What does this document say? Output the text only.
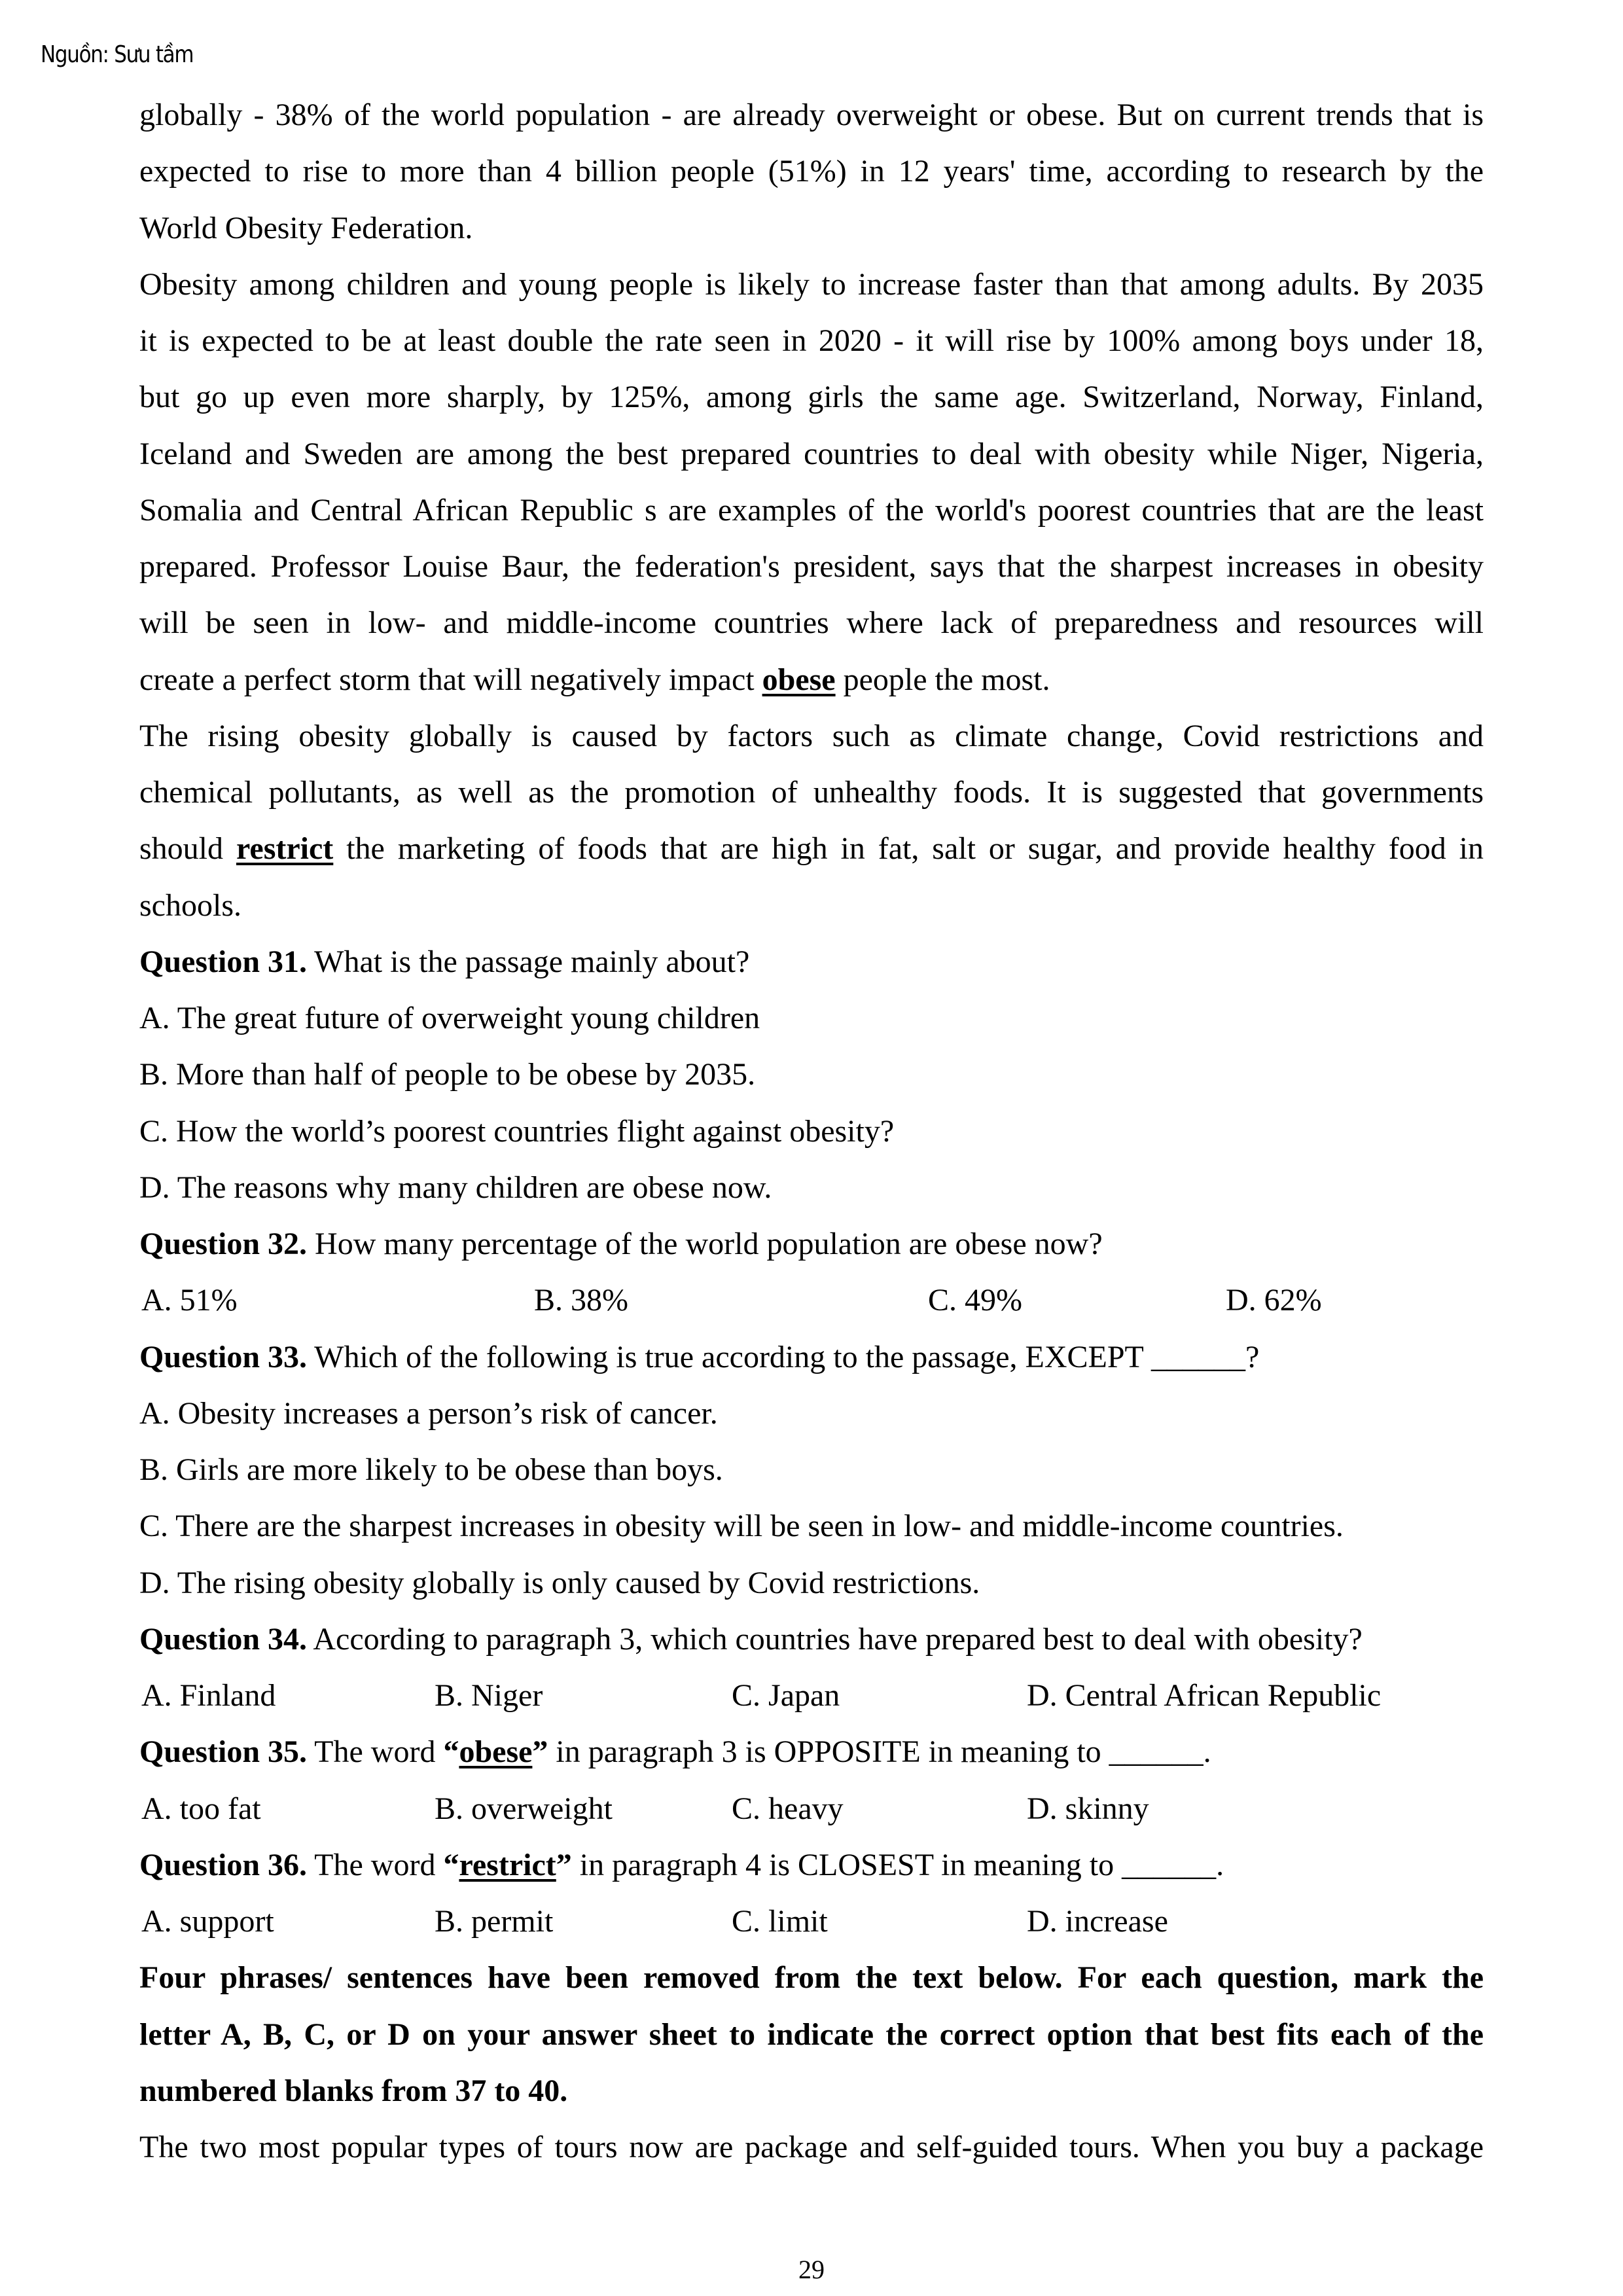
Nguồn: Sưu tầm
globally - 38% of the world population - are already overweight or obese. But on current trends that is
expected to rise to more than 4 billion people (51%) in 12 years' time, according to research by the
World Obesity Federation.
Obesity among children and young people is likely to increase faster than that among adults. By 2035
it is expected to be at least double the rate seen in 2020 - it will rise by 100% among boys under 18,
but go up even more sharply, by 125%, among girls the same age. Switzerland, Norway, Finland,
Iceland and Sweden are among the best prepared countries to deal with obesity while Niger, Nigeria,
Somalia and Central African Republic s are examples of the world's poorest countries that are the least
prepared. Professor Louise Baur, the federation's president, says that the sharpest increases in obesity
will be seen in low- and middle-income countries where lack of preparedness and resources will
create a perfect storm that will negatively impact obese people the most.
The rising obesity globally is caused by factors such as climate change, Covid restrictions and
chemical pollutants, as well as the promotion of unhealthy foods. It is suggested that governments
should restrict the marketing of foods that are high in fat, salt or sugar, and provide healthy food in
schools.
Question 31. What is the passage mainly about?
A. The great future of overweight young children
B. More than half of people to be obese by 2035.
C. How the world’s poorest countries flight against obesity?
D. The reasons why many children are obese now.
Question 32. How many percentage of the world population are obese now?
A. 51%	B. 38%	C. 49%	D. 62%
Question 33. Which of the following is true according to the passage, EXCEPT ______?
A. Obesity increases a person’s risk of cancer.
B. Girls are more likely to be obese than boys.
C. There are the sharpest increases in obesity will be seen in low- and middle-income countries.
D. The rising obesity globally is only caused by Covid restrictions.
Question 34. According to paragraph 3, which countries have prepared best to deal with obesity?
A. Finland	B. Niger	C. Japan	D. Central African Republic
Question 35. The word “obese” in paragraph 3 is OPPOSITE in meaning to ______.
A. too fat	B. overweight	C. heavy	D. skinny
Question 36. The word “restrict” in paragraph 4 is CLOSEST in meaning to ______.
A. support	B. permit	C. limit	D. increase
Four phrases/ sentences have been removed from the text below. For each question, mark the
letter A, B, C, or D on your answer sheet to indicate the correct option that best fits each of the
numbered blanks from 37 to 40.
The two most popular types of tours now are package and self-guided tours. When you buy a package
29
